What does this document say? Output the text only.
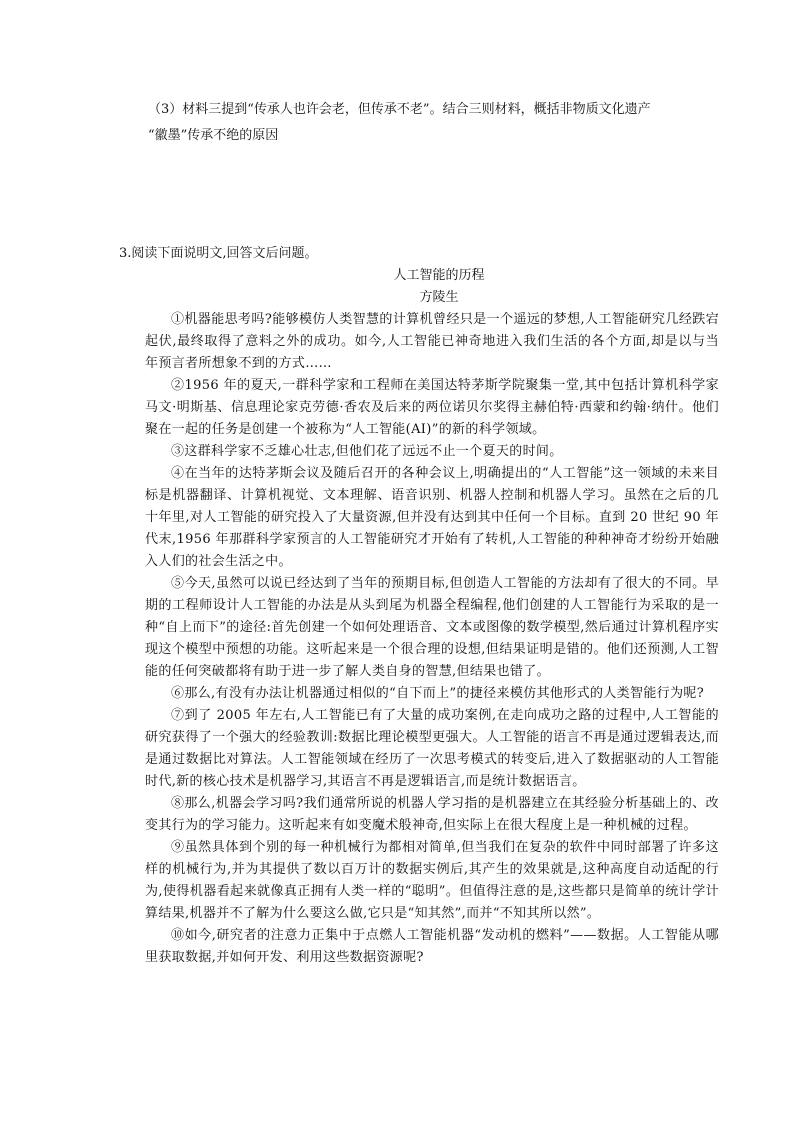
（3）材料三提到“传承人也许会老，但传承不老”。结合三则材料，概括非物质文化遗产

“徽墨”传承不绝的原因

3.阅读下面说明文,回答文后问题。

人工智能的历程

方陵生

①机器能思考吗?能够模仿人类智慧的计算机曾经只是一个遥远的梦想,人工智能研究几经跌宕起伏,最终取得了意料之外的成功。如今,人工智能已神奇地进入我们生活的各个方面,却是以与当年预言者所想象不到的方式……

②1956 年的夏天,一群科学家和工程师在美国达特茅斯学院聚集一堂,其中包括计算机科学家马文·明斯基、信息理论家克劳德·香农及后来的两位诺贝尔奖得主赫伯特·西蒙和约翰·纳什。他们聚在一起的任务是创建一个被称为“人工智能(AI)”的新的科学领域。

③这群科学家不乏雄心壮志,但他们花了远远不止一个夏天的时间。

④在当年的达特茅斯会议及随后召开的各种会议上,明确提出的“人工智能”这一领域的未来目标是机器翻译、计算机视觉、文本理解、语音识别、机器人控制和机器人学习。虽然在之后的几十年里,对人工智能的研究投入了大量资源,但并没有达到其中任何一个目标。直到 20 世纪 90 年代末,1956 年那群科学家预言的人工智能研究才开始有了转机,人工智能的种种神奇才纷纷开始融入人们的社会生活之中。

⑤今天,虽然可以说已经达到了当年的预期目标,但创造人工智能的方法却有了很大的不同。早期的工程师设计人工智能的办法是从头到尾为机器全程编程,他们创建的人工智能行为采取的是一种“自上而下”的途径:首先创建一个如何处理语音、文本或图像的数学模型,然后通过计算机程序实现这个模型中预想的功能。这听起来是一个很合理的设想,但结果证明是错的。他们还预测,人工智能的任何突破都将有助于进一步了解人类自身的智慧,但结果也错了。

⑥那么,有没有办法让机器通过相似的“自下而上”的捷径来模仿其他形式的人类智能行为呢?

⑦到了 2005 年左右,人工智能已有了大量的成功案例,在走向成功之路的过程中,人工智能的研究获得了一个强大的经验教训:数据比理论模型更强大。人工智能的语言不再是通过逻辑表达,而是通过数据比对算法。人工智能领域在经历了一次思考模式的转变后,进入了数据驱动的人工智能时代,新的核心技术是机器学习,其语言不再是逻辑语言,而是统计数据语言。

⑧那么,机器会学习吗?我们通常所说的机器人学习指的是机器建立在其经验分析基础上的、改变其行为的学习能力。这听起来有如变魔术般神奇,但实际上在很大程度上是一种机械的过程。

⑨虽然具体到个别的每一种机械行为都相对简单,但当我们在复杂的软件中同时部署了许多这样的机械行为,并为其提供了数以百万计的数据实例后,其产生的效果就是,这种高度自动适配的行为,使得机器看起来就像真正拥有人类一样的“聪明”。但值得注意的是,这些都只是简单的统计学计算结果,机器并不了解为什么要这么做,它只是“知其然”,而并“不知其所以然”。

⑩如今,研究者的注意力正集中于点燃人工智能机器“发动机的燃料”——数据。人工智能从哪里获取数据,并如何开发、利用这些数据资源呢?
